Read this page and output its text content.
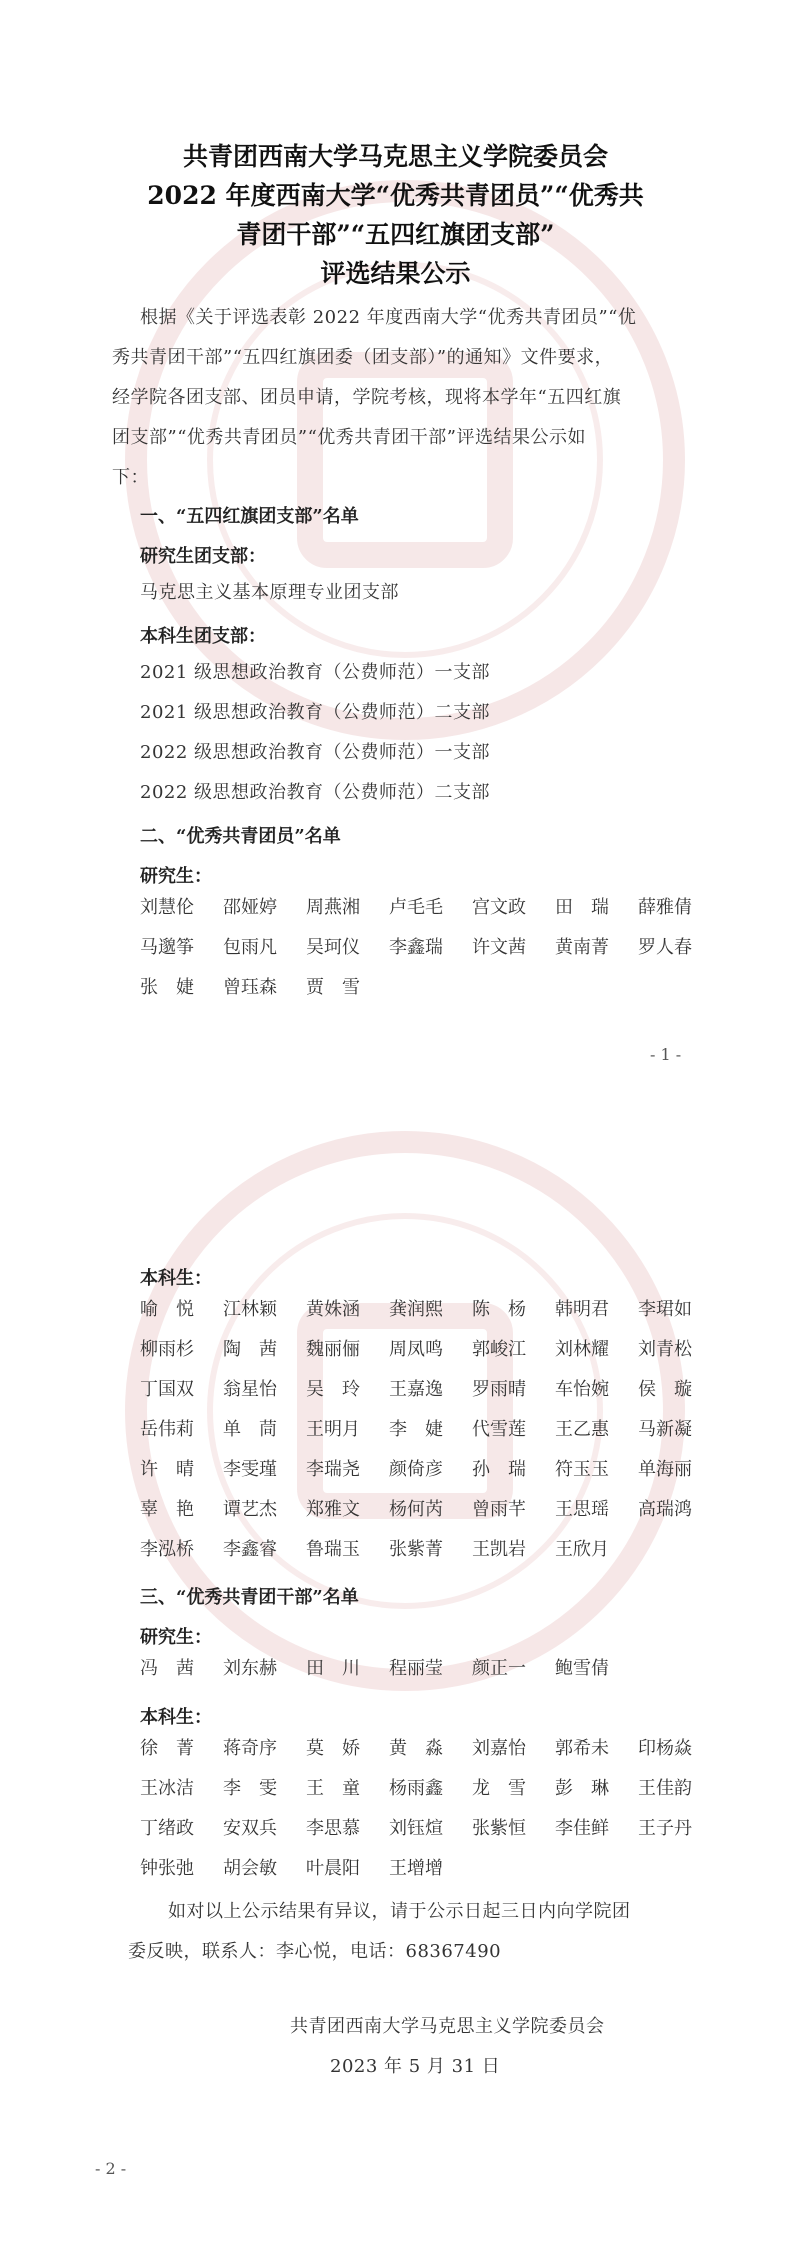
共青团西南大学马克思主义学院委员会
2022 年度西南大学“优秀共青团员”“优秀共
青团干部”“五四红旗团支部”
评选结果公示
根据《关于评选表彰 2022 年度西南大学“优秀共青团员”“优
秀共青团干部”“五四红旗团委（团支部）”的通知》文件要求，
经学院各团支部、团员申请，学院考核，现将本学年“五四红旗
团支部”“优秀共青团员”“优秀共青团干部”评选结果公示如
下：
一、“五四红旗团支部”名单
研究生团支部：
马克思主义基本原理专业团支部
本科生团支部：
2021 级思想政治教育（公费师范）一支部
2021 级思想政治教育（公费师范）二支部
2022 级思想政治教育（公费师范）一支部
2022 级思想政治教育（公费师范）二支部
二、“优秀共青团员”名单
研究生：
刘慧伦 邵娅婷 周燕湘 卢毛毛 宫文政 田　瑞 薛雅倩
马邈筝 包雨凡 吴珂仪 李鑫瑞 许文茜 黄南菁 罗人春
张　婕 曾珏森 贾　雪
- 1 -
本科生：
喻　悦 江林颖 黄姝涵 龚润熙 陈　杨 韩明君 李珺如
柳雨杉 陶　茜 魏丽俪 周凤鸣 郭峻江 刘林耀 刘青松
丁国双 翁星怡 吴　玲 王嘉逸 罗雨晴 车怡婉 侯　璇
岳伟莉 单　茼 王明月 李　婕 代雪莲 王乙惠 马新凝
许　晴 李雯瑾 李瑞尧 颜倚彦 孙　瑞 符玉玉 单海丽
辜　艳 谭艺杰 郑雅文 杨何芮 曾雨芊 王思瑶 高瑞鸿
李泓桥 李鑫睿 鲁瑞玉 张紫菁 王凯岩 王欣月
三、“优秀共青团干部”名单
研究生：
冯　茜 刘东赫 田　川 程丽莹 颜正一 鲍雪倩
本科生：
徐　菁 蒋奇序 莫　娇 黄　淼 刘嘉怡 郭希未 印杨焱
王冰洁 李　雯 王　童 杨雨鑫 龙　雪 彭　琳 王佳韵
丁绪政 安双兵 李思慕 刘钰煊 张紫恒 李佳鲜 王子丹
钟张弛 胡会敏 叶晨阳 王增增
如对以上公示结果有异议，请于公示日起三日内向学院团
委反映，联系人：李心悦，电话：68367490
共青团西南大学马克思主义学院委员会
2023 年 5 月 31 日
- 2 -
